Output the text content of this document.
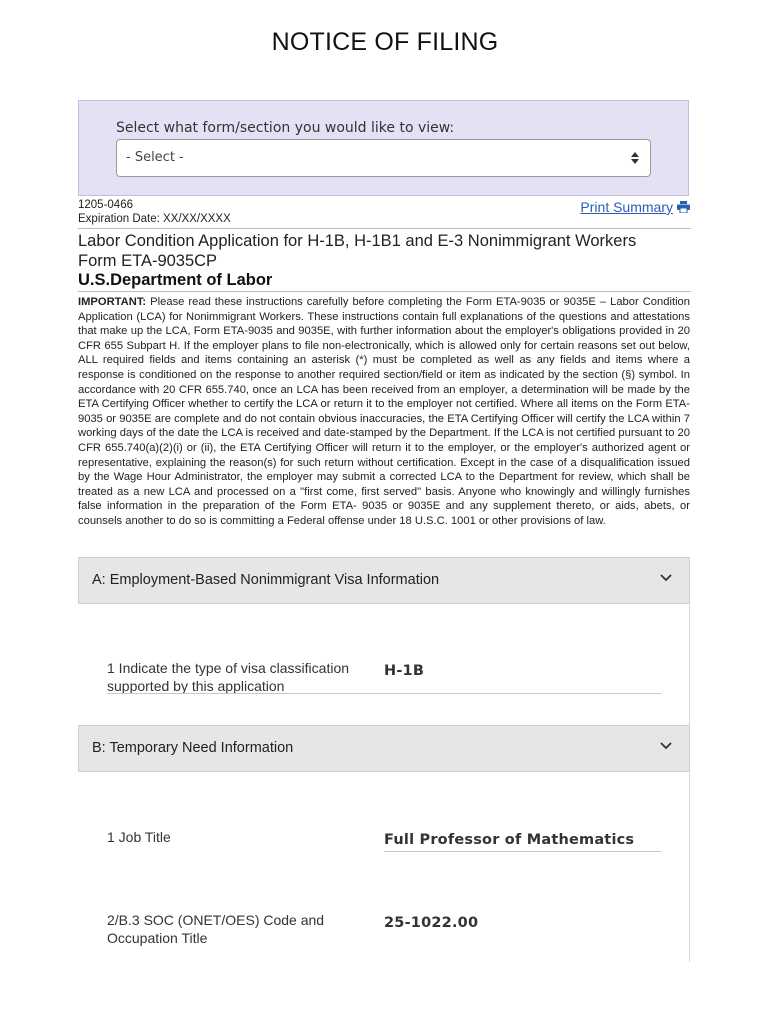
NOTICE OF FILING
Select what form/section you would like to view:
- Select -
1205-0466
Expiration Date: XX/XX/XXXX
Print Summary
Labor Condition Application for H-1B, H-1B1 and E-3 Nonimmigrant Workers
Form ETA-9035CP
U.S.Department of Labor
IMPORTANT: Please read these instructions carefully before completing the Form ETA-9035 or 9035E – Labor Condition Application (LCA) for Nonimmigrant Workers. These instructions contain full explanations of the questions and attestations that make up the LCA, Form ETA-9035 and 9035E, with further information about the employer's obligations provided in 20 CFR 655 Subpart H. If the employer plans to file non-electronically, which is allowed only for certain reasons set out below, ALL required fields and items containing an asterisk (*) must be completed as well as any fields and items where a response is conditioned on the response to another required section/field or item as indicated by the section (§) symbol. In accordance with 20 CFR 655.740, once an LCA has been received from an employer, a determination will be made by the ETA Certifying Officer whether to certify the LCA or return it to the employer not certified. Where all items on the Form ETA- 9035 or 9035E are complete and do not contain obvious inaccuracies, the ETA Certifying Officer will certify the LCA within 7 working days of the date the LCA is received and date-stamped by the Department. If the LCA is not certified pursuant to 20 CFR 655.740(a)(2)(i) or (ii), the ETA Certifying Officer will return it to the employer, or the employer's authorized agent or representative, explaining the reason(s) for such return without certification. Except in the case of a disqualification issued by the Wage Hour Administrator, the employer may submit a corrected LCA to the Department for review, which shall be treated as a new LCA and processed on a "first come, first served" basis. Anyone who knowingly and willingly furnishes false information in the preparation of the Form ETA- 9035 or 9035E and any supplement thereto, or aids, abets, or counsels another to do so is committing a Federal offense under 18 U.S.C. 1001 or other provisions of law.
A: Employment-Based Nonimmigrant Visa Information
1 Indicate the type of visa classification supported by this application
H-1B
B: Temporary Need Information
1 Job Title	Full Professor of Mathematics
2/B.3 SOC (ONET/OES) Code and Occupation Title
25-1022.00
